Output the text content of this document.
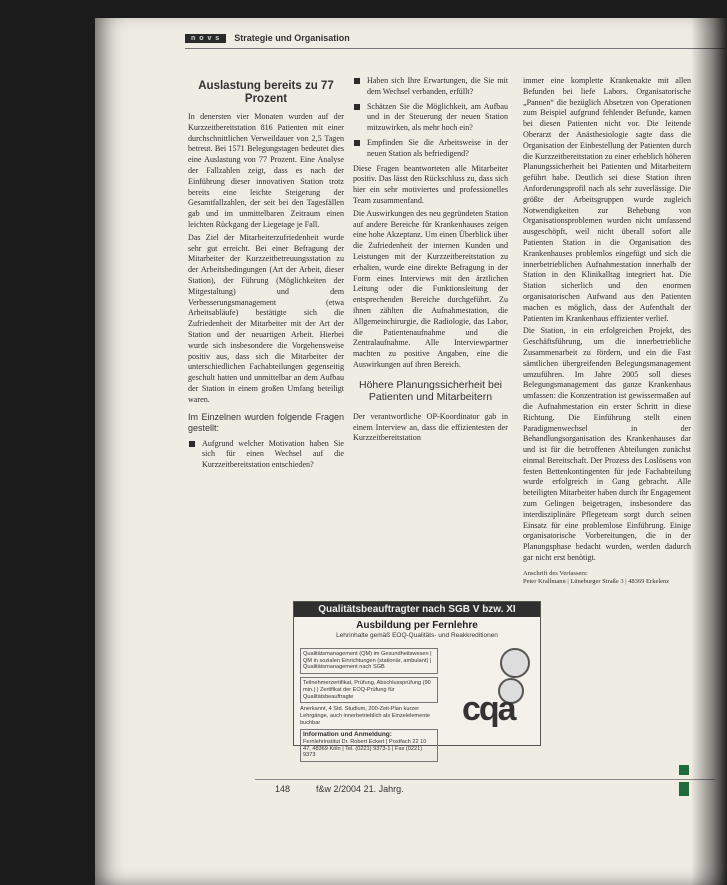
n o v s	Strategie und Organisation
Auslastung bereits zu 77 Prozent

In denersten vier Monaten wurden auf der Kurzzeitbereitstation 816 Patienten mit einer durchschnittlichen Verweildauer von 2,5 Tagen betreut. Bei 1571 Belegungstagen bedeutet dies eine Auslastung von 77 Prozent. Eine Analyse der Fallzahlen zeigt, dass es nach der Einführung dieser innovativen Station trotz bereits eine leichte Steigerung der Gesamtfallzahlen, der seit bei den Tagesfällen gab und im unmittelbaren Zeitraum einen leichten Rückgang der Liegetage je Fall.

Das Ziel der Mitarbeiterzufriedenheit wurde sehr gut erreicht. Bei einer Befragung der Mitarbeiter der Kurzzeitbetreuungsstation zu der Arbeitsbedingungen (Art der Arbeit, dieser Station), der Führung (Möglichkeiten der Mitgestaltung) und dem Verbesserungsmanagement (etwa Arbeitsabläufe) bestätigte sich die Zufriedenheit der Mitarbeiter mit der Art der Station und der neuartigen Arbeit. Hierbei wurde sich insbesondere die Vorgehensweise positiv aus, dass sich die Mitarbeiter der unterschiedlichen Fachabteilungen gegenseitig geschult hatten und unmittelbar an dem Aufbau der Station in einem großen Umfang beteiligt waren.

Im Einzelnen wurden folgende Fragen gestellt:
Aufgrund welcher Motivation haben Sie sich für einen Wechsel auf die Kurzzeitbereitstation entschieden?
Haben sich Ihre Erwartungen, die Sie mit dem Wechsel verbanden, erfüllt?
Schätzen Sie die Möglichkeit, am Aufbau und in der Steuerung der neuen Station mitzuwirken, als mehr hoch ein?
Empfinden Sie die Arbeitsweise in der neuen Station als befriedigend?

Diese Fragen beantworteten alle Mitarbeiter positiv. Das lässt den Rückschluss zu, dass sich hier ein sehr motiviertes und professionelles Team zusammenfand.

Die Auswirkungen des neu gegründeten Station auf andere Bereiche für Krankenhauses zeigen eine hohe Akzeptanz. Um einen Überblick über die Zufriedenheit der internen Kunden und Leistungen mit der Kurzzeitbereitstation zu erhalten, wurde eine direkte Befragung in der Form eines Interviews mit den ärztlichen Leitung oder die Funktionsleitung der entsprechenden Bereiche durchgeführt. Zu ihnen zählten die Aufnahmestation, die Allgemeinchirurgie, die Radiologie, das Labor, die Patientenaufnahme und die Zentralaufnahme. Alle Interviewpartner machten zu positive Angaben, eine die Auswirkungen auf ihren Bereich.

Höhere Planungssicherheit bei Patienten und Mitarbeitern

Der verantwortliche OP-Koordinator gab in einem Interview an, dass die effizientesten der Kurzzeitbereitstation

immer eine komplette Krankenakte mit allen Befunden bei liefe Labors. Organisatorische „Pannen“ die bezüglich Absetzen von Operationen zum Beispiel aufgrund fehlender Befunde, kamen bei diesen Patienten nicht vor. Die leitende Oberarzt der Anästhesiologie sagte dass die Organisation der Einbestellung der Patienten durch die Kurzzeitbereitstation zu einer erheblich höheren Planungssicherheit bei Patienten und Mitarbeitern geführt habe. Deutlich sei diese Station ihren Anforderungsprofil nach als sehr zuverlässige. Die größte der Arbeitsgruppen wurde zugleich Notwendigkeiten zur Behebung von Organisationsproblemen wurden nicht umfassend ausgeschöpft, weil nicht überall sofort alle Patienten Station in die Organisation des Krankenhauses problemlos eingefügt und sich die innerbetrieblichen Aufnahmestation innerhalb der Station in den Klinikalltag integriert hat. Die Station sicherlich und den enormen organisatorischen Aufwand aus den Patienten machen es möglich, dass der Aufenthalt der Patienten im Krankenhaus effizienter verlief.

Die Station, in ein erfolgreichen Projekt, des Geschäftsführung, um die innerbetriebliche Zusammenarbeit zu fördern, und ein die Fast sämtlichen übergreifenden Belegungsmanagement umzuführen. Im Jahre 2005 soll dieses Belegungsmanagement das ganze Krankenhaus umfassen: die Konzentration ist gewissermaßen auf die Aufnahmestation ein erster Schritt in diese Richtung. Die Einführung stellt einen Paradigmenwechsel in der Behandlungsorganisation des Krankenhauses dar und ist für die betroffenen Abteilungen zunächst einmal Bereitschaft. Der Prozess des Loslösens von festen Bettenkontingenten für jede Fachabteilung wurde erfolgreich in Gang gebracht. Alle beteiligten Mitarbeiter haben durch ihr Engagement zum Gelingen beigetragen, insbesondere das interdisziplinäre Pflegeteam sorgt durch seinen Einsatz für eine problemlose Einführung. Einige organisatorische Vorbereitungen, die in der Planungsphase bedacht wurden, werden dadurch gar nicht erst benötigt.

Anschrift des Verfassers:
Peter Krallmann | Lüneburger Straße 3 | 48369 Erkelenz
Qualitätsbeauftragter nach SGB V bzw. XI
Ausbildung per Fernlehre
Lehrinhalte gemäß EOQ-Qualitäts- und Reakkreditionen
Qualitätsmanagement (QM) im Gesundheitswesen | QM in sozialen Einrichtungen (stationär, ambulant) | Qualitätsmanagement nach SGB
Teilnehmerzertifikat, Prüfung, Abschlussprüfung (90 min.) | Zertifikat der EOQ-Prüfung für Qualitätsbeauftragte
Anerkannt, 4 Std. Studium, 200-Zeit-Plan kurzer Lehrgänge, auch innerbetrieblich als Einzelelemente buchbar
Information und Anmeldung:
Fernlehrinstitut Dr. Robert Eckert | Postfach 22 10 47, 48369 Köln | Tel. (0221) 9373-1 | Fax (0221) 9373
cqa
148	f&w 2/2004 21. Jahrg.
